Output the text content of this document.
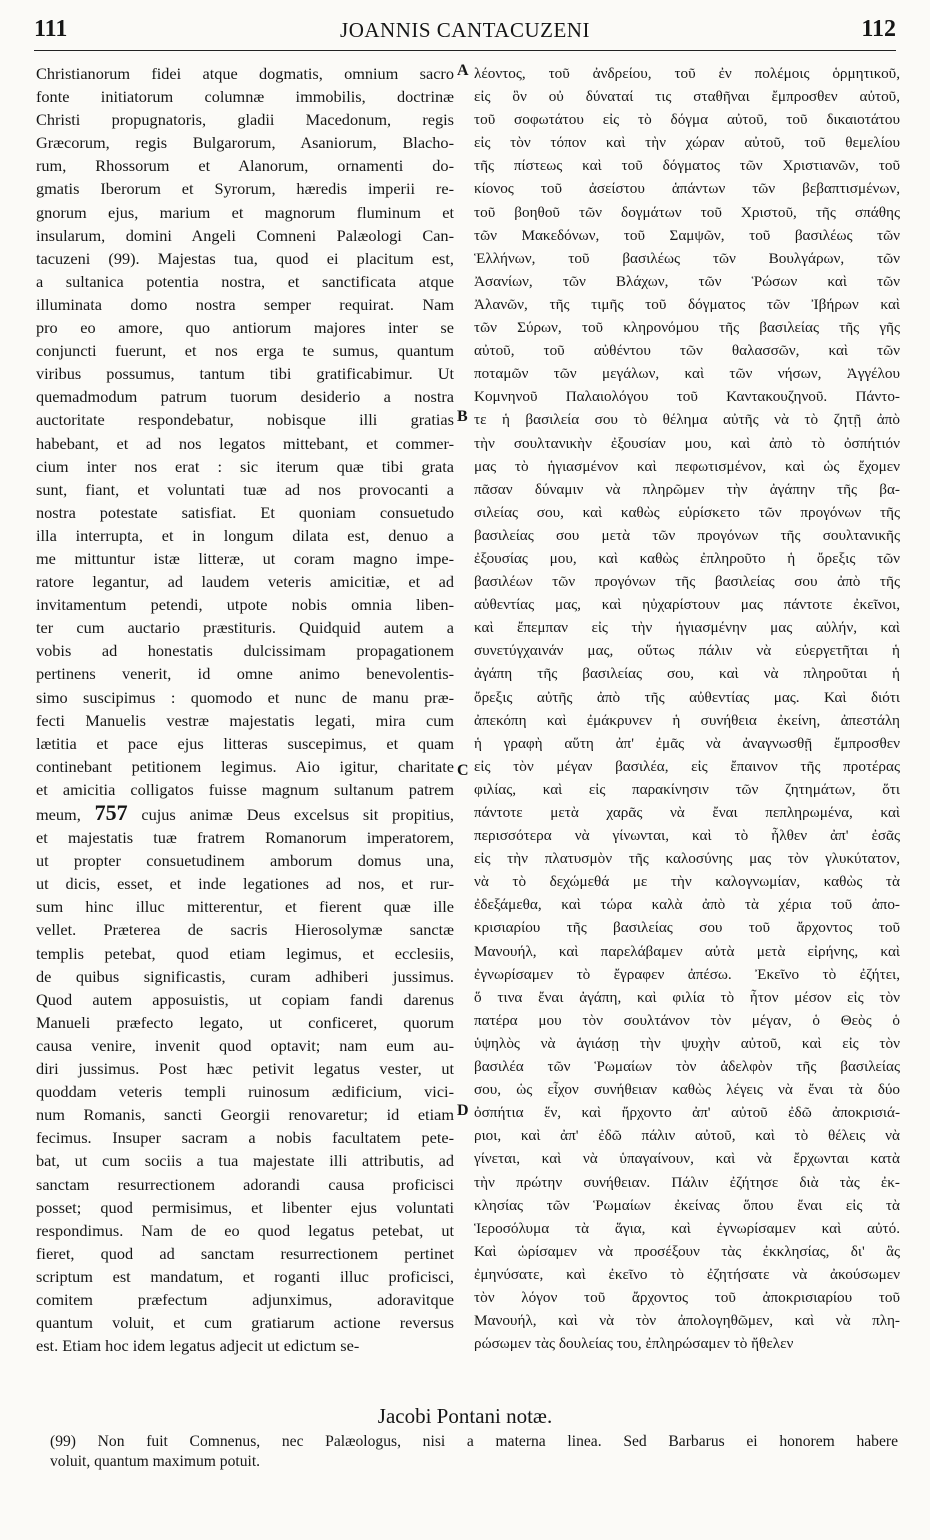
111	JOANNIS CANTACUZENI	112
Christianorum fidei atque dogmatis, omnium sacro
fonte initiatorum columnæ immobilis, doctrinæ
Christi propugnatoris, gladii Macedonum, regis
Græcorum, regis Bulgarorum, Asaniorum, Blacho-
rum, Rhossorum et Alanorum, ornamenti do-
gmatis Iberorum et Syrorum, hæredis imperii re-
gnorum ejus, marium et magnorum fluminum et
insularum, domini Angeli Comneni Palæologi Can-
tacuzeni (99). Majestas tua, quod ei placitum est,
a sultanica potentia nostra, et sanctificata atque
illuminata domo nostra semper requirat. Nam
pro eo amore, quo antiorum majores inter se
conjuncti fuerunt, et nos erga te sumus, quantum
viribus possumus, tantum tibi gratificabimur. Ut
quemadmodum patrum tuorum desiderio a nostra
auctoritate respondebatur, nobisque illi gratias
habebant, et ad nos legatos mittebant, et commer-
cium inter nos erat : sic iterum quæ tibi grata
sunt, fiant, et voluntati tuæ ad nos provocanti a
nostra potestate satisfiat. Et quoniam consuetudo
illa interrupta, et in longum dilata est, denuo a
me mittuntur istæ litteræ, ut coram magno impe-
ratore legantur, ad laudem veteris amicitiæ, et ad
invitamentum petendi, utpote nobis omnia liben-
ter cum auctario præstituris. Quidquid autem a
vobis ad honestatis dulcissimam propagationem
pertinens venerit, id omne animo benevolentis-
simo suscipimus : quomodo et nunc de manu præ-
fecti Manuelis vestræ majestatis legati, mira cum
lætitia et pace ejus litteras suscepimus, et quam
continebant petitionem legimus. Aio igitur, charitate
et amicitia colligatos fuisse magnum sultanum patrem
meum, 757 cujus animæ Deus excelsus sit propitius,
et majestatis tuæ fratrem Romanorum imperatorem,
ut propter consuetudinem amborum domus una,
ut dicis, esset, et inde legationes ad nos, et rur-
sum hinc illuc mitterentur, et fierent quæ ille
vellet. Præterea de sacris Hierosolymæ sanctæ
templis petebat, quod etiam legimus, et ecclesiis,
de quibus significastis, curam adhiberi jussimus.
Quod autem apposuistis, ut copiam fandi darenus
Manueli præfecto legato, ut conficeret, quorum
causa venire, invenit quod optavit; nam eum au-
diri jussimus. Post hæc petivit legatus vester, ut
quoddam veteris templi ruinosum ædificium, vici-
num Romanis, sancti Georgii renovaretur; id etiam
fecimus. Insuper sacram a nobis facultatem pete-
bat, ut cum sociis a tua majestate illi attributis, ad
sanctam resurrectionem adorandi causa proficisci
posset; quod permisimus, et libenter ejus voluntati
respondimus. Nam de eo quod legatus petebat, ut
fieret, quod ad sanctam resurrectionem pertinet
scriptum est mandatum, et roganti illuc proficisci,
comitem præfectum adjunximus, adoravitque
quantum voluit, et cum gratiarum actione reversus
est. Etiam hoc idem legatus adjecit ut edictum se-
A
B
C
D
λέοντος, τοῦ ἀνδρείου, τοῦ ἐν πολέμοις ὁρμητικοῦ,
εἰς ὃν οὐ δύναταί τις σταθῆναι ἔμπροσθεν αὐτοῦ,
τοῦ σοφωτάτου εἰς τὸ δόγμα αὐτοῦ, τοῦ δικαιοτάτου
εἰς τὸν τόπον καὶ τὴν χώραν αὐτοῦ, τοῦ θεμελίου
τῆς πίστεως καὶ τοῦ δόγματος τῶν Χριστιανῶν, τοῦ
κίονος τοῦ ἀσείστου ἁπάντων τῶν βεβαπτισμένων,
τοῦ βοηθοῦ τῶν δογμάτων τοῦ Χριστοῦ, τῆς σπάθης
τῶν Μακεδόνων, τοῦ Σαμψῶν, τοῦ βασιλέως τῶν
Ἑλλήνων, τοῦ βασιλέως τῶν Βουλγάρων, τῶν
Ἀσανίων, τῶν Βλάχων, τῶν Ῥώσων καὶ τῶν
Ἀλανῶν, τῆς τιμῆς τοῦ δόγματος τῶν Ἰβήρων καὶ
τῶν Σύρων, τοῦ κληρονόμου τῆς βασιλείας τῆς γῆς
αὐτοῦ, τοῦ αὐθέντου τῶν θαλασσῶν, καὶ τῶν
ποταμῶν τῶν μεγάλων, καὶ τῶν νήσων, Ἀγγέλου
Κομνηνοῦ Παλαιολόγου τοῦ Καντακουζηνοῦ. Πάντο-
τε ἡ βασιλεία σου τὸ θέλημα αὐτῆς νὰ τὸ ζητῇ ἀπὸ
τὴν σουλτανικὴν ἐξουσίαν μου, καὶ ἀπὸ τὸ ὀσπήτιόν
μας τὸ ἡγιασμένον καὶ πεφωτισμένον, καὶ ὡς ἔχομεν
πᾶσαν δύναμιν νὰ πληρῶμεν τὴν ἀγάπην τῆς βα-
σιλείας σου, καὶ καθὼς εὑρίσκετο τῶν προγόνων τῆς
βασιλείας σου μετὰ τῶν προγόνων τῆς σουλτανικῆς
ἐξουσίας μου, καὶ καθὼς ἐπληροῦτο ἡ ὄρεξις τῶν
βασιλέων τῶν προγόνων τῆς βασιλείας σου ἀπὸ τῆς
αὐθεντίας μας, καὶ ηὐχαρίστουν μας πάντοτε ἐκεῖνοι,
καὶ ἔπεμπαν εἰς τὴν ἡγιασμένην μας αὐλήν, καὶ
συνετύγχαινάν μας, οὕτως πάλιν νὰ εὐεργετῆται ἡ
ἀγάπη τῆς βασιλείας σου, καὶ νὰ πληροῦται ἡ
ὄρεξις αὐτῆς ἀπὸ τῆς αὐθεντίας μας. Καὶ διότι
ἀπεκόπη καὶ ἐμάκρυνεν ἡ συνήθεια ἐκείνη, ἀπεστάλη
ἡ γραφὴ αὕτη ἀπ' ἐμᾶς νὰ ἀναγνωσθῇ ἔμπροσθεν
εἰς τὸν μέγαν βασιλέα, εἰς ἔπαινον τῆς προτέρας
φιλίας, καὶ εἰς παρακίνησιν τῶν ζητημάτων, ὅτι
πάντοτε μετὰ χαρᾶς νὰ ἔναι πεπληρωμένα, καὶ
περισσότερα νὰ γίνωνται, καὶ τὸ ἦλθεν ἀπ' ἐσᾶς
εἰς τὴν πλατυσμὸν τῆς καλοσύνης μας τὸν γλυκύτατον,
νὰ τὸ δεχώμεθά με τὴν καλογνωμίαν, καθὼς τὰ
ἐδεξάμεθα, καὶ τώρα καλὰ ἀπὸ τὰ χέρια τοῦ ἀπο-
κρισιαρίου τῆς βασιλείας σου τοῦ ἄρχοντος τοῦ
Μανουήλ, καὶ παρελάβαμεν αὐτὰ μετὰ εἰρήνης, καὶ
ἐγνωρίσαμεν τὸ ἔγραφεν ἀπέσω. Ἐκεῖνο τὸ ἐζήτει,
ὅ τινα ἔναι ἀγάπη, καὶ φιλία τὸ ἦτον μέσον εἰς τὸν
πατέρα μου τὸν σουλτάνον τὸν μέγαν, ὁ Θεὸς ὁ
ὑψηλὸς νὰ ἁγιάσῃ τὴν ψυχὴν αὐτοῦ, καὶ εἰς τὸν
βασιλέα τῶν Ῥωμαίων τὸν ἀδελφὸν τῆς βασιλείας
σου, ὡς εἶχον συνήθειαν καθὼς λέγεις νὰ ἔναι τὰ δύο
ὀσπήτια ἕν, καὶ ἤρχοντο ἀπ' αὐτοῦ ἐδῶ ἀποκρισιά-
ριοι, καὶ ἀπ' ἐδῶ πάλιν αὐτοῦ, καὶ τὸ θέλεις νὰ
γίνεται, καὶ νὰ ὑπαγαίνουν, καὶ νὰ ἔρχωνται κατὰ
τὴν πρώτην συνήθειαν. Πάλιν ἐζήτησε διὰ τὰς ἐκ-
κλησίας τῶν Ῥωμαίων ἐκείνας ὅπου ἔναι εἰς τὰ
Ἱεροσόλυμα τὰ ἅγια, καὶ ἐγνωρίσαμεν καὶ αὐτό.
Καὶ ὡρίσαμεν νὰ προσέξουν τὰς ἐκκλησίας, δι' ἃς
ἐμηνύσατε, καὶ ἐκεῖνο τὸ ἐζητήσατε νὰ ἀκούσωμεν
τὸν λόγον τοῦ ἄρχοντος τοῦ ἀποκρισιαρίου τοῦ
Μανουήλ, καὶ νὰ τὸν ἀπολογηθῶμεν, καὶ νὰ πλη-
ρώσωμεν τὰς δουλείας του, ἐπληρώσαμεν τὸ ἤθελεν
Jacobi Pontani notæ.
(99) Non fuit Comnenus, nec Palæologus, nisi a materna linea. Sed Barbarus ei honorem habere
voluit, quantum maximum potuit.
